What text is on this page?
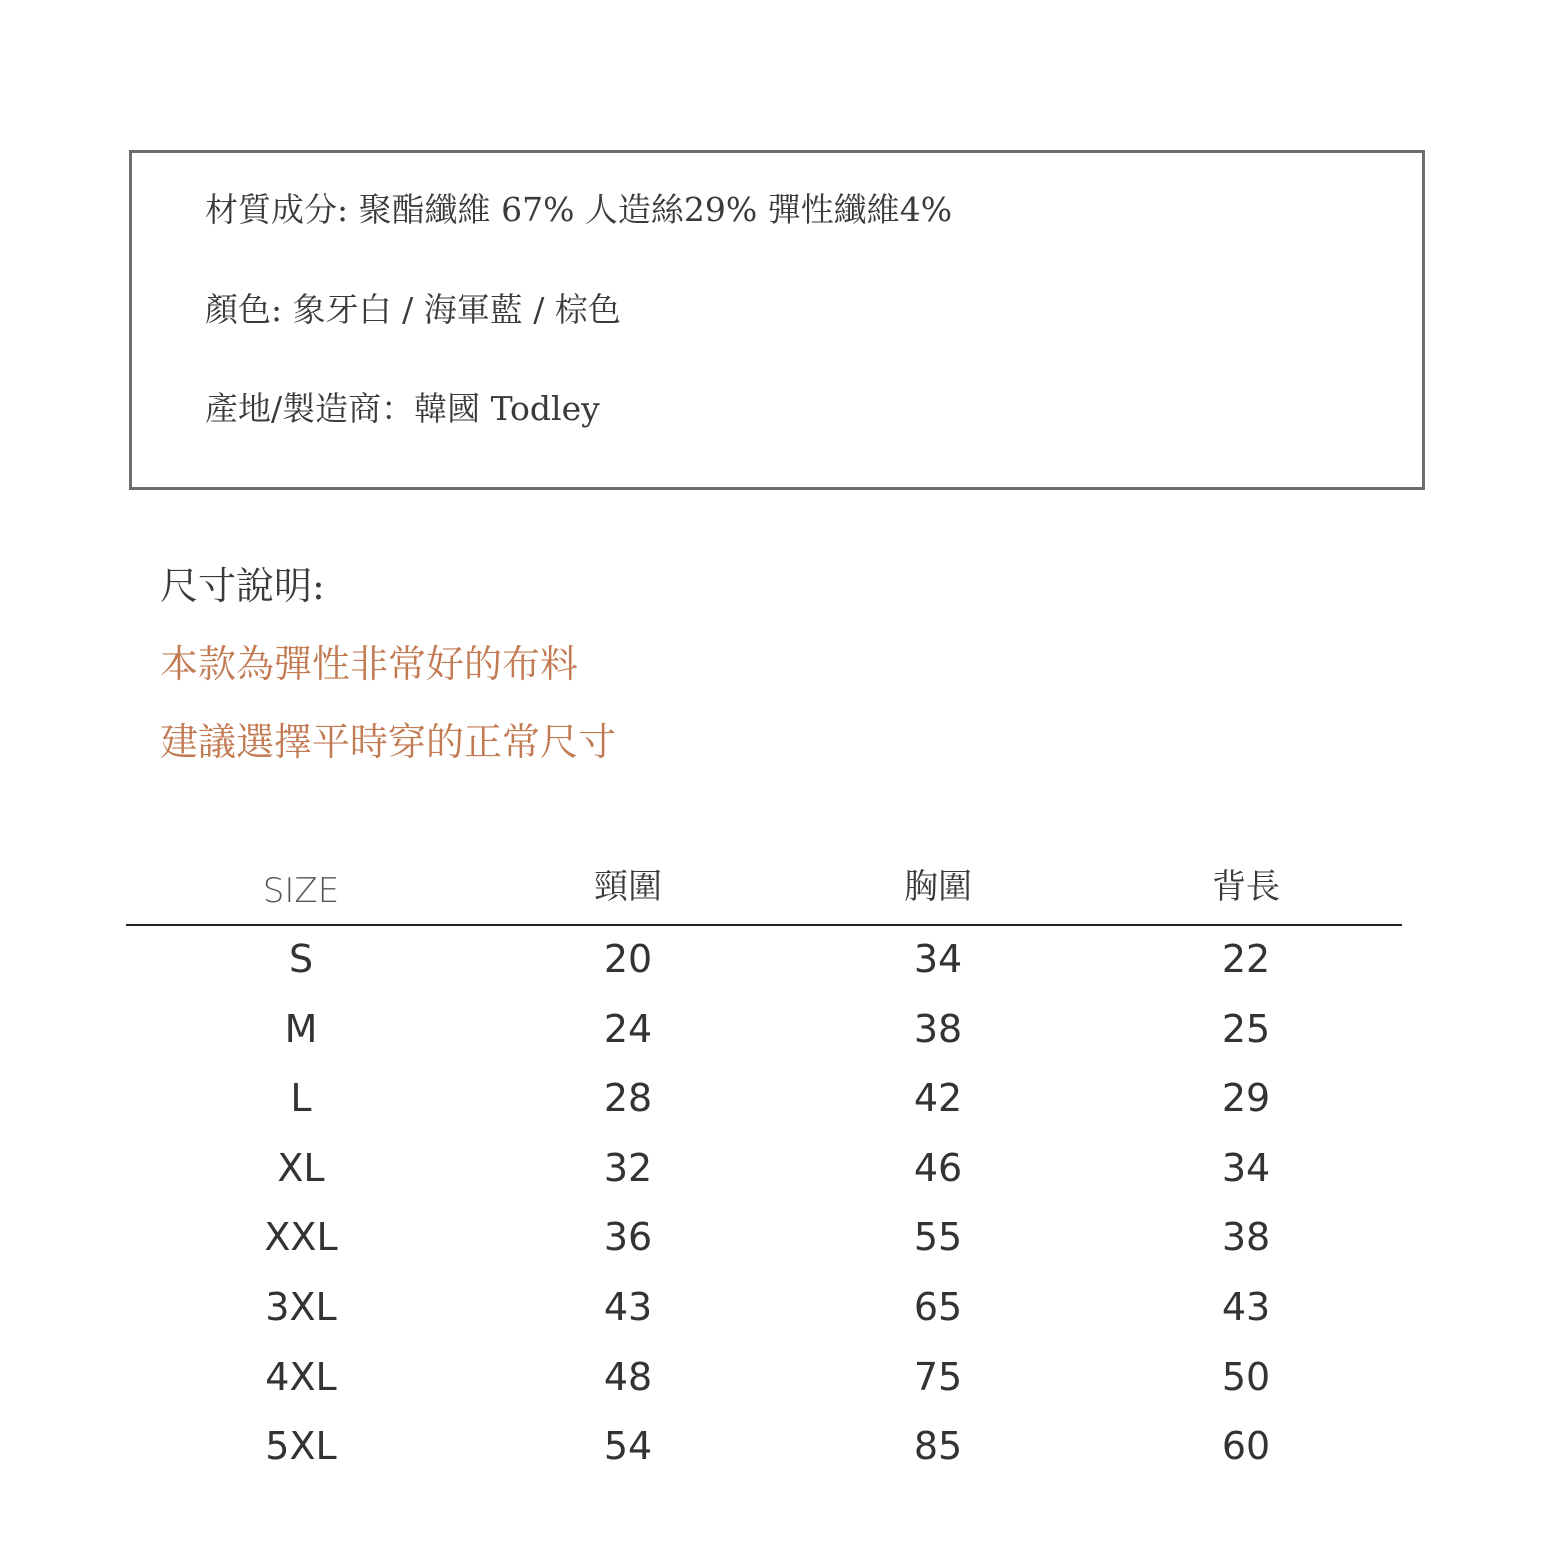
材質成分: 聚酯纖維 67% 人造絲29% 彈性纖維4%
顏色: 象牙白 / 海軍藍 / 棕色
產地/製造商：韓國 Todley
尺寸說明:
本款為彈性非常好的布料
建議選擇平時穿的正常尺寸
SIZE	頸圍	胸圍	背長
S	20	34	22
M	24	38	25
L	28	42	29
XL	32	46	34
XXL	36	55	38
3XL	43	65	43
4XL	48	75	50
5XL	54	85	60
